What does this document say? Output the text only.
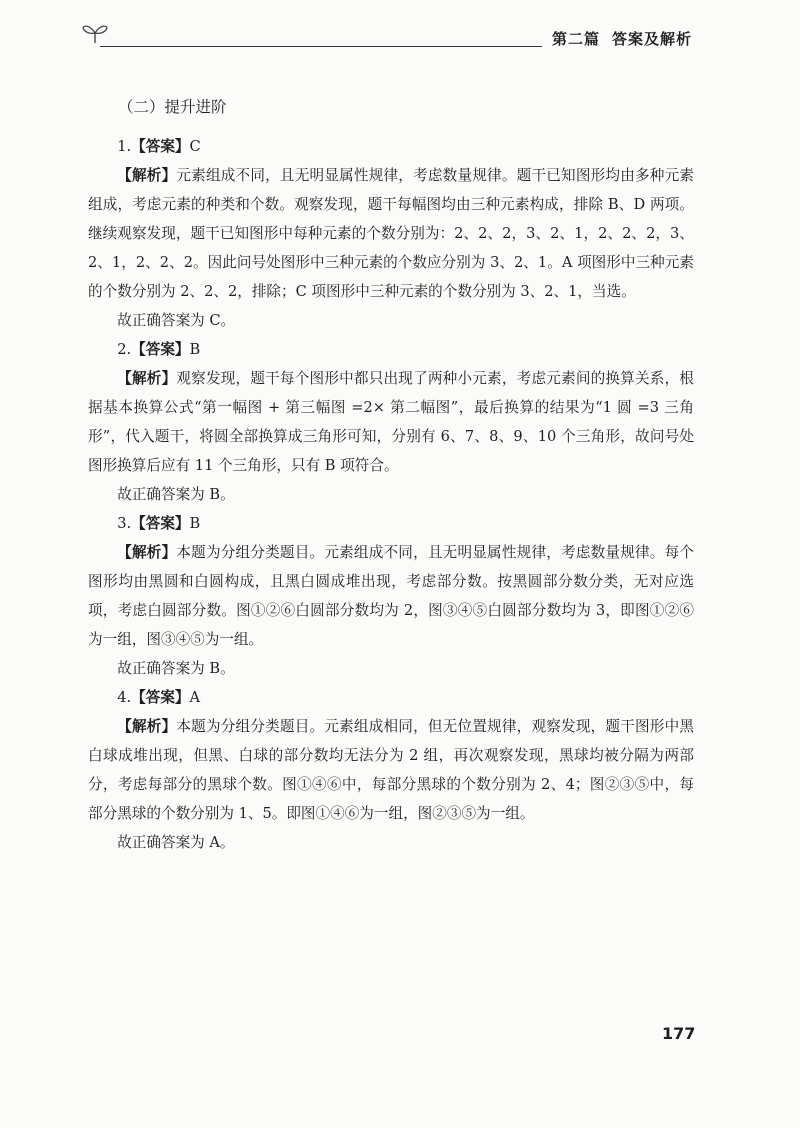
第二篇 答案及解析
（二）提升进阶

1.【答案】C

【解析】元素组成不同，且无明显属性规律，考虑数量规律。题干已知图形均由多种元素组成，考虑元素的种类和个数。观察发现，题干每幅图均由三种元素构成，排除 B、D 两项。继续观察发现，题干已知图形中每种元素的个数分别为：2、2、2，3、2、1，2、2、2，3、2、1，2、2、2。因此问号处图形中三种元素的个数应分别为 3、2、1。A 项图形中三种元素的个数分别为 2、2、2，排除；C 项图形中三种元素的个数分别为 3、2、1，当选。

故正确答案为 C。

2.【答案】B

【解析】观察发现，题干每个图形中都只出现了两种小元素，考虑元素间的换算关系，根据基本换算公式“第一幅图 + 第三幅图 =2× 第二幅图”，最后换算的结果为“1 圆 =3 三角形”，代入题干，将圆全部换算成三角形可知，分别有 6、7、8、9、10 个三角形，故问号处图形换算后应有 11 个三角形，只有 B 项符合。

故正确答案为 B。

3.【答案】B

【解析】本题为分组分类题目。元素组成不同，且无明显属性规律，考虑数量规律。每个图形均由黑圆和白圆构成，且黑白圆成堆出现，考虑部分数。按黑圆部分数分类，无对应选项，考虑白圆部分数。图①②⑥白圆部分数均为 2，图③④⑤白圆部分数均为 3，即图①②⑥为一组，图③④⑤为一组。

故正确答案为 B。

4.【答案】A

【解析】本题为分组分类题目。元素组成相同，但无位置规律，观察发现，题干图形中黑白球成堆出现，但黑、白球的部分数均无法分为 2 组，再次观察发现，黑球均被分隔为两部分，考虑每部分的黑球个数。图①④⑥中，每部分黑球的个数分别为 2、4；图②③⑤中，每部分黑球的个数分别为 1、5。即图①④⑥为一组，图②③⑤为一组。

故正确答案为 A。

177
